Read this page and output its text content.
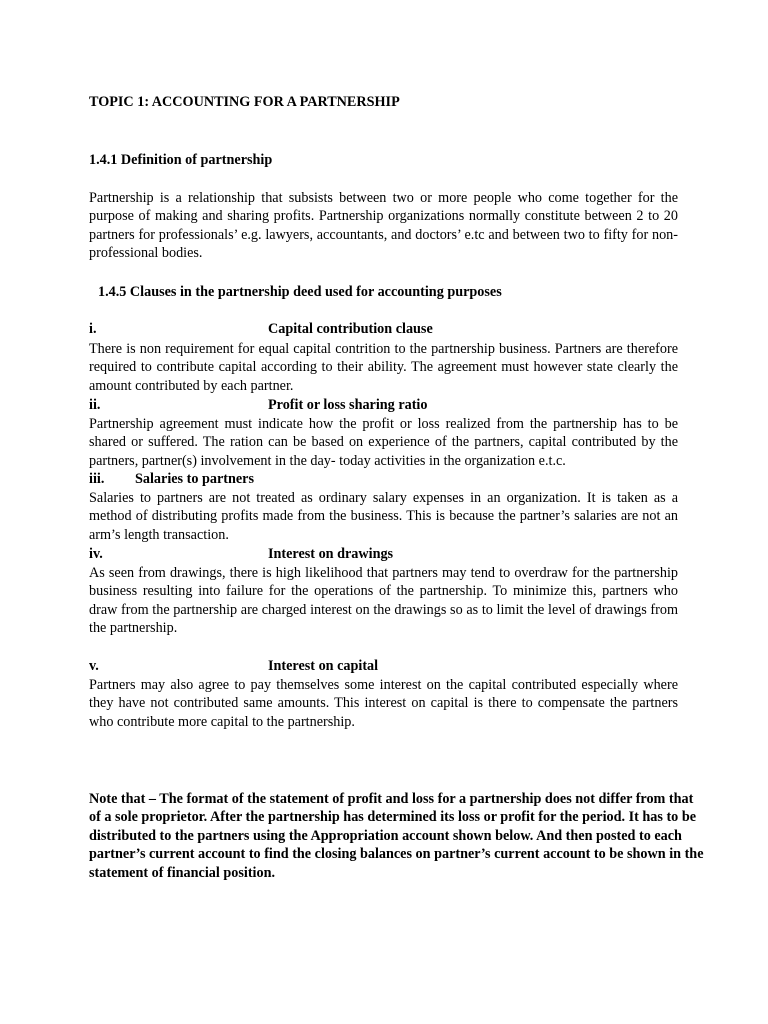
TOPIC 1: ACCOUNTING FOR A PARTNERSHIP
1.4.1 Definition of partnership

Partnership is a relationship that subsists between two or more people who come together for the purpose of making and sharing profits. Partnership organizations normally constitute between 2 to 20 partners for professionals’ e.g. lawyers, accountants, and doctors’ e.tc and between two to fifty for non- professional bodies.

1.4.5 Clauses in the partnership deed used for accounting purposes
i.	Capital contribution clause

There is non requirement for equal capital contrition to the partnership business. Partners are therefore required to contribute capital according to their ability. The agreement must however state clearly the amount contributed by each partner.

ii.	Profit or loss sharing ratio

Partnership agreement must indicate how the profit or loss realized from the partnership has to be shared or suffered. The ration can be based on experience of the partners, capital contributed by the partners, partner(s) involvement in the day- today activities in the organization e.t.c.

iii. Salaries to partners

Salaries to partners are not treated as ordinary salary expenses in an organization. It is taken as a method of distributing profits made from the business. This is because the partner’s salaries are not an arm’s length transaction.

iv.	Interest on drawings

As seen from drawings, there is high likelihood that partners may tend to overdraw for the partnership business resulting into failure for the operations of the partnership. To minimize this, partners who draw from the partnership are charged interest on the drawings so as to limit the level of drawings from the partnership.

v.	Interest on capital

Partners may also agree to pay themselves some interest on the capital contributed especially where they have not contributed same amounts. This interest on capital is there to compensate the partners who contribute more capital to the partnership.

Note that – The format of the statement of profit and loss for a partnership does not differ from that
of a sole proprietor. After the partnership has determined its loss or profit for the period. It has to be
distributed to the partners using the Appropriation account shown below. And then posted to each
partner’s current account to find the closing balances on partner’s current account to be shown in the
statement of financial position.
